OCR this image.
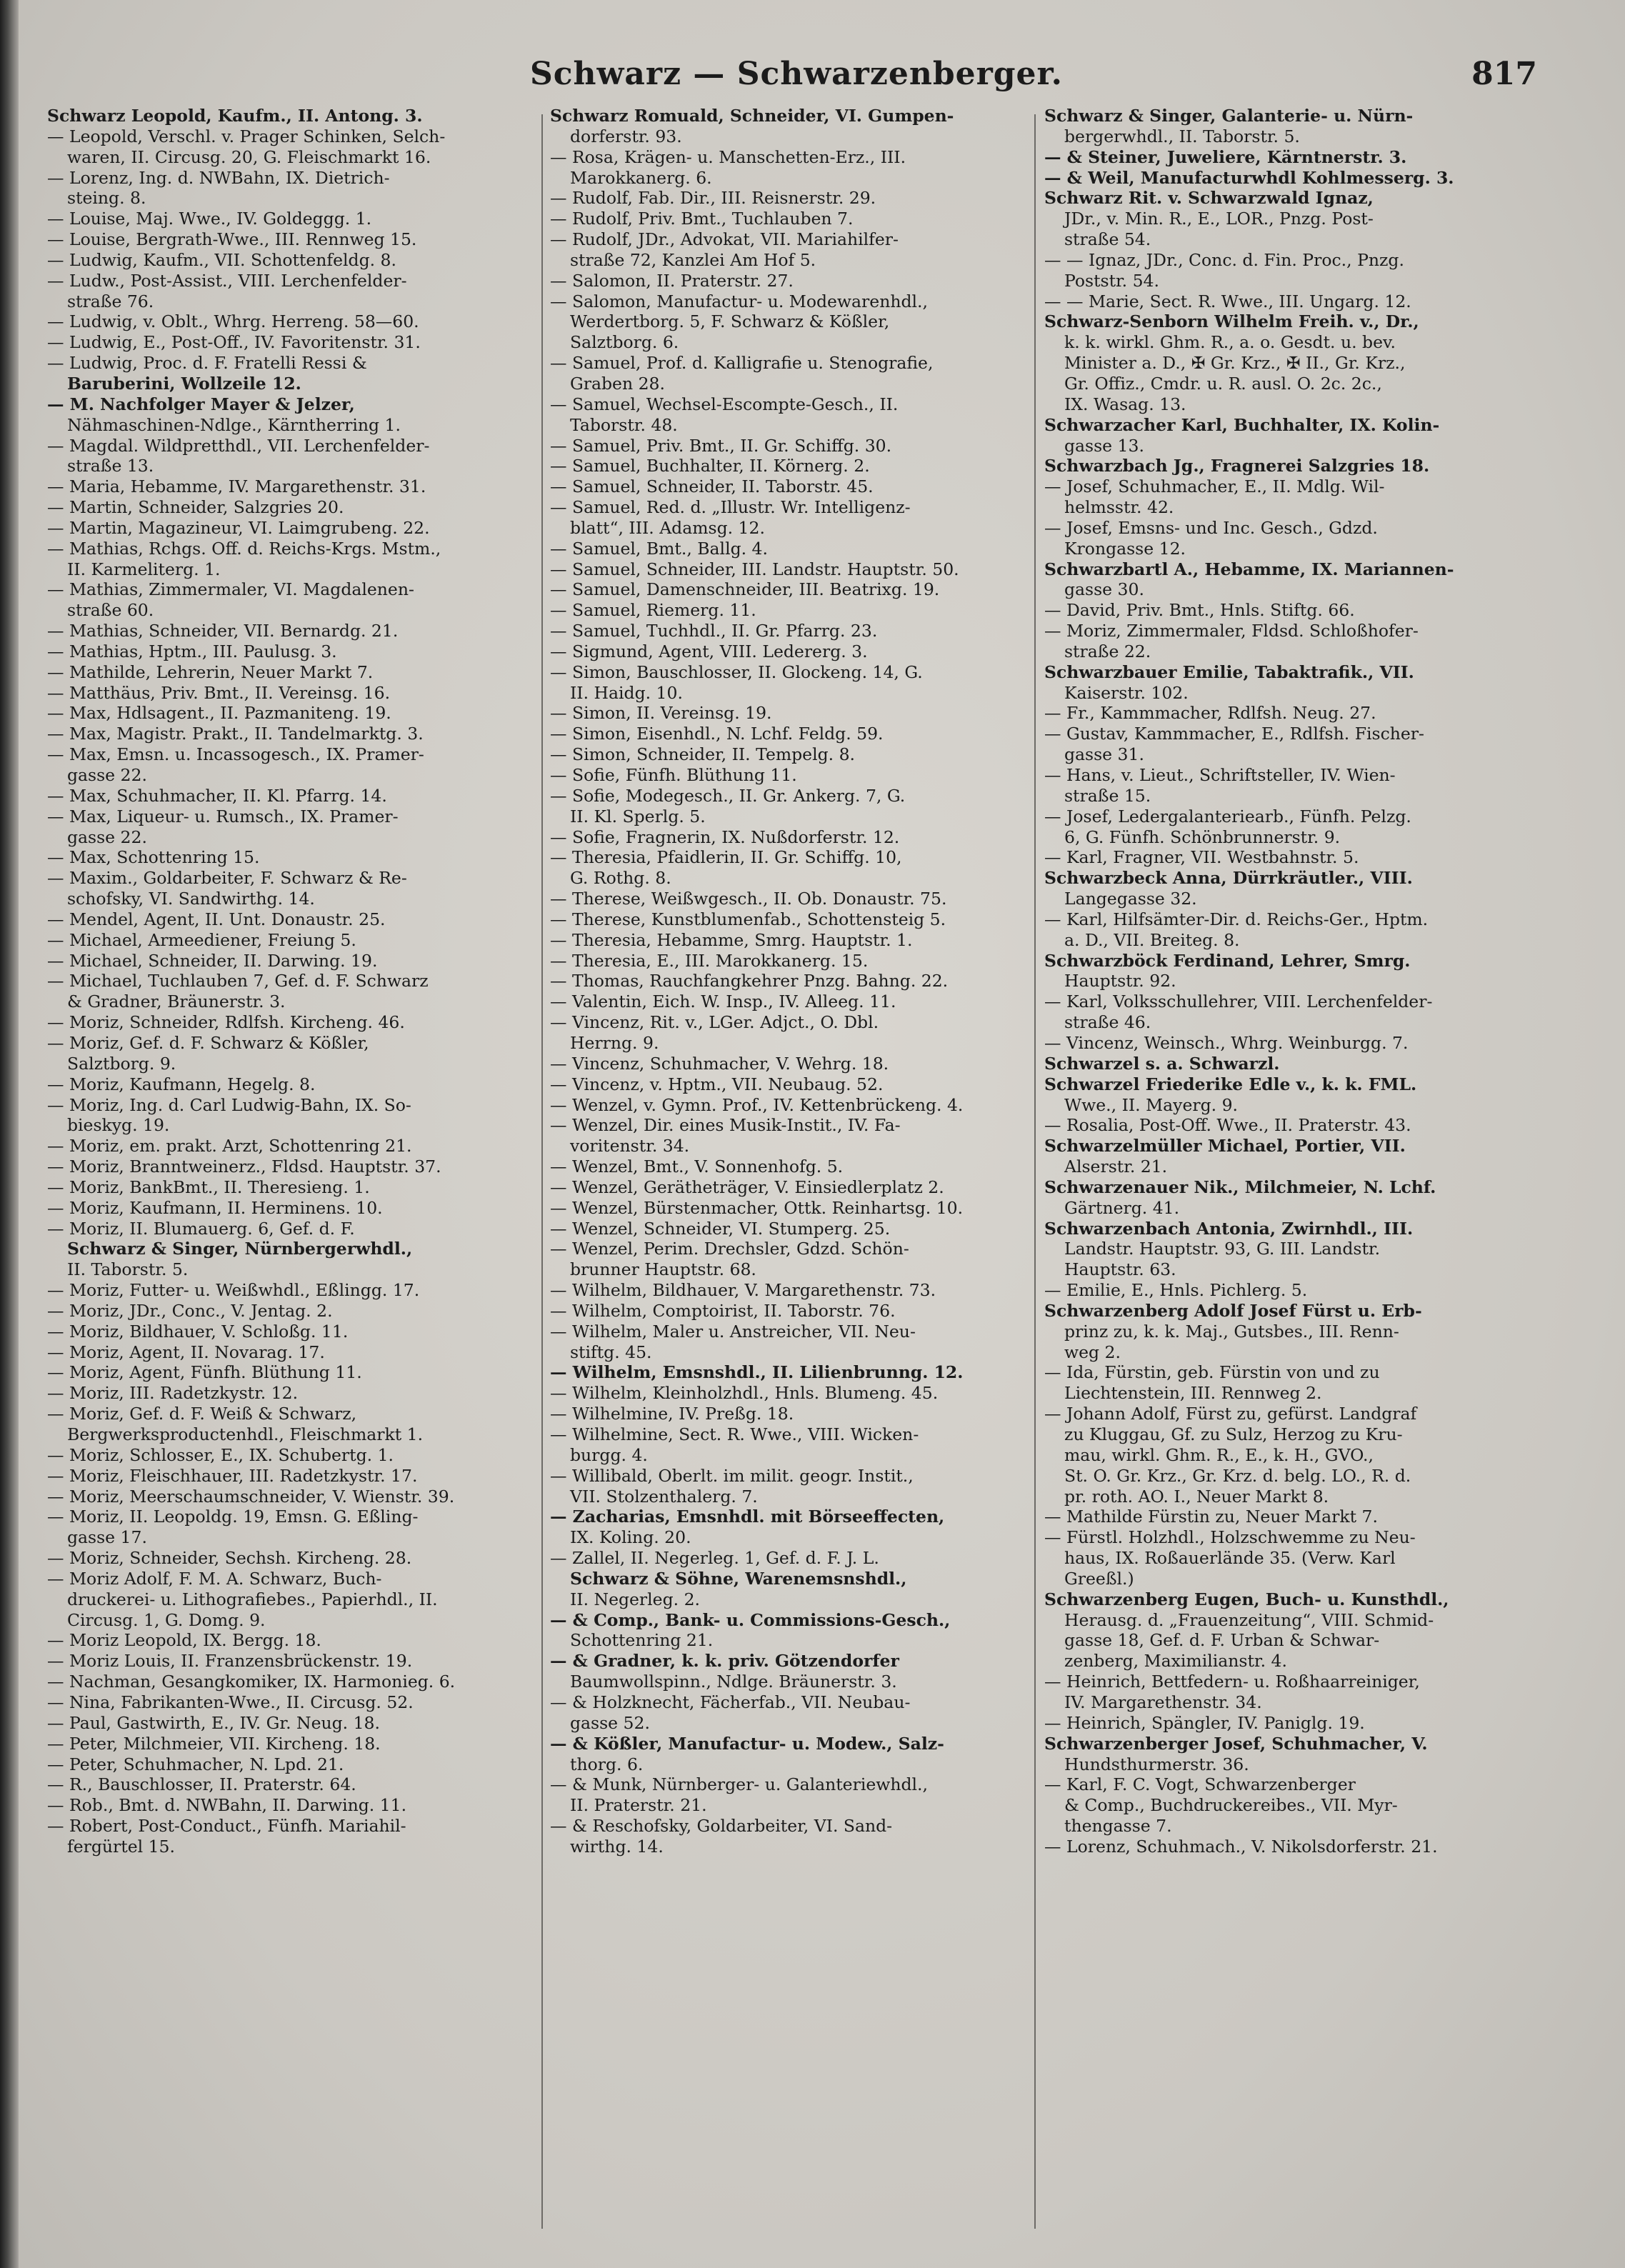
Schwarz — Schwarzenberger.	817
Schwarz Leopold, Kaufm., II. Antong. 3.
— Leopold, Verschl. v. Prager Schinken, Selch-
waren, II. Circusg. 20, G. Fleischmarkt 16.
— Lorenz, Ing. d. NWBahn, IX. Dietrich-
steing. 8.
— Louise, Maj. Wwe., IV. Goldeggg. 1.
— Louise, Bergrath-Wwe., III. Rennweg 15.
— Ludwig, Kaufm., VII. Schottenfeldg. 8.
— Ludw., Post-Assist., VIII. Lerchenfelder-
straße 76.
— Ludwig, v. Oblt., Whrg. Herreng. 58—60.
— Ludwig, E., Post-Off., IV. Favoritenstr. 31.
— Ludwig, Proc. d. F. Fratelli Ressi &
Baruberini, Wollzeile 12.
— M. Nachfolger Mayer & Jelzer,
Nähmaschinen-Ndlge., Kärntherring 1.
— Magdal. Wildpretthdl., VII. Lerchenfelder-
straße 13.
— Maria, Hebamme, IV. Margarethenstr. 31.
— Martin, Schneider, Salzgries 20.
— Martin, Magazineur, VI. Laimgrubeng. 22.
— Mathias, Rchgs. Off. d. Reichs-Krgs. Mstm.,
II. Karmeliterg. 1.
— Mathias, Zimmermaler, VI. Magdalenen-
straße 60.
— Mathias, Schneider, VII. Bernardg. 21.
— Mathias, Hptm., III. Paulusg. 3.
— Mathilde, Lehrerin, Neuer Markt 7.
— Matthäus, Priv. Bmt., II. Vereinsg. 16.
— Max, Hdlsagent., II. Pazmaniteng. 19.
— Max, Magistr. Prakt., II. Tandelmarktg. 3.
— Max, Emsn. u. Incassogesch., IX. Pramer-
gasse 22.
— Max, Schuhmacher, II. Kl. Pfarrg. 14.
— Max, Liqueur- u. Rumsch., IX. Pramer-
gasse 22.
— Max, Schottenring 15.
— Maxim., Goldarbeiter, F. Schwarz & Re-
schofsky, VI. Sandwirthg. 14.
— Mendel, Agent, II. Unt. Donaustr. 25.
— Michael, Armeediener, Freiung 5.
— Michael, Schneider, II. Darwing. 19.
— Michael, Tuchlauben 7, Gef. d. F. Schwarz
& Gradner, Bräunerstr. 3.
— Moriz, Schneider, Rdlfsh. Kircheng. 46.
— Moriz, Gef. d. F. Schwarz & Kößler,
Salztborg. 9.
— Moriz, Kaufmann, Hegelg. 8.
— Moriz, Ing. d. Carl Ludwig-Bahn, IX. So-
bieskyg. 19.
— Moriz, em. prakt. Arzt, Schottenring 21.
— Moriz, Branntweinerz., Fldsd. Hauptstr. 37.
— Moriz, BankBmt., II. Theresieng. 1.
— Moriz, Kaufmann, II. Herminens. 10.
— Moriz, II. Blumauerg. 6, Gef. d. F.
Schwarz & Singer, Nürnbergerwhdl.,
II. Taborstr. 5.
— Moriz, Futter- u. Weißwhdl., Eßlingg. 17.
— Moriz, JDr., Conc., V. Jentag. 2.
— Moriz, Bildhauer, V. Schloßg. 11.
— Moriz, Agent, II. Novarag. 17.
— Moriz, Agent, Fünfh. Blüthung 11.
— Moriz, III. Radetzkystr. 12.
— Moriz, Gef. d. F. Weiß & Schwarz,
Bergwerksproductenhdl., Fleischmarkt 1.
— Moriz, Schlosser, E., IX. Schubertg. 1.
— Moriz, Fleischhauer, III. Radetzkystr. 17.
— Moriz, Meerschaumschneider, V. Wienstr. 39.
— Moriz, II. Leopoldg. 19, Emsn. G. Eßling-
gasse 17.
— Moriz, Schneider, Sechsh. Kircheng. 28.
— Moriz Adolf, F. M. A. Schwarz, Buch-
druckerei- u. Lithografiebes., Papierhdl., II.
Circusg. 1, G. Domg. 9.
— Moriz Leopold, IX. Bergg. 18.
— Moriz Louis, II. Franzensbrückenstr. 19.
— Nachman, Gesangkomiker, IX. Harmonieg. 6.
— Nina, Fabrikanten-Wwe., II. Circusg. 52.
— Paul, Gastwirth, E., IV. Gr. Neug. 18.
— Peter, Milchmeier, VII. Kircheng. 18.
— Peter, Schuhmacher, N. Lpd. 21.
— R., Bauschlosser, II. Praterstr. 64.
— Rob., Bmt. d. NWBahn, II. Darwing. 11.
— Robert, Post-Conduct., Fünfh. Mariahil-
fergürtel 15.
Schwarz Romuald, Schneider, VI. Gumpen-
dorferstr. 93.
— Rosa, Krägen- u. Manschetten-Erz., III.
Marokkanerg. 6.
— Rudolf, Fab. Dir., III. Reisnerstr. 29.
— Rudolf, Priv. Bmt., Tuchlauben 7.
— Rudolf, JDr., Advokat, VII. Mariahilfer-
straße 72, Kanzlei Am Hof 5.
— Salomon, II. Praterstr. 27.
— Salomon, Manufactur- u. Modewarenhdl.,
Werdertborg. 5, F. Schwarz & Kößler,
Salztborg. 6.
— Samuel, Prof. d. Kalligrafie u. Stenografie,
Graben 28.
— Samuel, Wechsel-Escompte-Gesch., II.
Taborstr. 48.
— Samuel, Priv. Bmt., II. Gr. Schiffg. 30.
— Samuel, Buchhalter, II. Körnerg. 2.
— Samuel, Schneider, II. Taborstr. 45.
— Samuel, Red. d. „Illustr. Wr. Intelligenz-
blatt“, III. Adamsg. 12.
— Samuel, Bmt., Ballg. 4.
— Samuel, Schneider, III. Landstr. Hauptstr. 50.
— Samuel, Damenschneider, III. Beatrixg. 19.
— Samuel, Riemerg. 11.
— Samuel, Tuchhdl., II. Gr. Pfarrg. 23.
— Sigmund, Agent, VIII. Ledererg. 3.
— Simon, Bauschlosser, II. Glockeng. 14, G.
II. Haidg. 10.
— Simon, II. Vereinsg. 19.
— Simon, Eisenhdl., N. Lchf. Feldg. 59.
— Simon, Schneider, II. Tempelg. 8.
— Sofie, Fünfh. Blüthung 11.
— Sofie, Modegesch., II. Gr. Ankerg. 7, G.
II. Kl. Sperlg. 5.
— Sofie, Fragnerin, IX. Nußdorferstr. 12.
— Theresia, Pfaidlerin, II. Gr. Schiffg. 10,
G. Rothg. 8.
— Therese, Weißwgesch., II. Ob. Donaustr. 75.
— Therese, Kunstblumenfab., Schottensteig 5.
— Theresia, Hebamme, Smrg. Hauptstr. 1.
— Theresia, E., III. Marokkanerg. 15.
— Thomas, Rauchfangkehrer Pnzg. Bahng. 22.
— Valentin, Eich. W. Insp., IV. Alleeg. 11.
— Vincenz, Rit. v., LGer. Adjct., O. Dbl.
Herrng. 9.
— Vincenz, Schuhmacher, V. Wehrg. 18.
— Vincenz, v. Hptm., VII. Neubaug. 52.
— Wenzel, v. Gymn. Prof., IV. Kettenbrückeng. 4.
— Wenzel, Dir. eines Musik-Instit., IV. Fa-
voritenstr. 34.
— Wenzel, Bmt., V. Sonnenhofg. 5.
— Wenzel, Gerätheträger, V. Einsiedlerplatz 2.
— Wenzel, Bürstenmacher, Ottk. Reinhartsg. 10.
— Wenzel, Schneider, VI. Stumperg. 25.
— Wenzel, Perim. Drechsler, Gdzd. Schön-
brunner Hauptstr. 68.
— Wilhelm, Bildhauer, V. Margarethenstr. 73.
— Wilhelm, Comptoirist, II. Taborstr. 76.
— Wilhelm, Maler u. Anstreicher, VII. Neu-
stiftg. 45.
— Wilhelm, Emsnshdl., II. Lilienbrunng. 12.
— Wilhelm, Kleinholzhdl., Hnls. Blumeng. 45.
— Wilhelmine, IV. Preßg. 18.
— Wilhelmine, Sect. R. Wwe., VIII. Wicken-
burgg. 4.
— Willibald, Oberlt. im milit. geogr. Instit.,
VII. Stolzenthalerg. 7.
— Zacharias, Emsnhdl. mit Börseeffecten,
IX. Koling. 20.
— Zallel, II. Negerleg. 1, Gef. d. F. J. L.
Schwarz & Söhne, Warenemsnshdl.,
II. Negerleg. 2.
— & Comp., Bank- u. Commissions-Gesch.,
Schottenring 21.
— & Gradner, k. k. priv. Götzendorfer
Baumwollspinn., Ndlge. Bräunerstr. 3.
— & Holzknecht, Fächerfab., VII. Neubau-
gasse 52.
— & Kößler, Manufactur- u. Modew., Salz-
thorg. 6.
— & Munk, Nürnberger- u. Galanteriewhdl.,
II. Praterstr. 21.
— & Reschofsky, Goldarbeiter, VI. Sand-
wirthg. 14.
Schwarz & Singer, Galanterie- u. Nürn-
bergerwhdl., II. Taborstr. 5.
— & Steiner, Juweliere, Kärntnerstr. 3.
— & Weil, Manufacturwhdl Kohlmesserg. 3.
Schwarz Rit. v. Schwarzwald Ignaz,
JDr., v. Min. R., E., LOR., Pnzg. Post-
straße 54.
— — Ignaz, JDr., Conc. d. Fin. Proc., Pnzg.
Poststr. 54.
— — Marie, Sect. R. Wwe., III. Ungarg. 12.
Schwarz-Senborn Wilhelm Freih. v., Dr.,
k. k. wirkl. Ghm. R., a. o. Gesdt. u. bev.
Minister a. D., ✠ Gr. Krz., ✠ II., Gr. Krz.,
Gr. Offiz., Cmdr. u. R. ausl. O. 2c. 2c.,
IX. Wasag. 13.
Schwarzacher Karl, Buchhalter, IX. Kolin-
gasse 13.
Schwarzbach Jg., Fragnerei Salzgries 18.
— Josef, Schuhmacher, E., II. Mdlg. Wil-
helmsstr. 42.
— Josef, Emsns- und Inc. Gesch., Gdzd.
Krongasse 12.
Schwarzbartl A., Hebamme, IX. Mariannen-
gasse 30.
— David, Priv. Bmt., Hnls. Stiftg. 66.
— Moriz, Zimmermaler, Fldsd. Schloßhofer-
straße 22.
Schwarzbauer Emilie, Tabaktrafik., VII.
Kaiserstr. 102.
— Fr., Kammmacher, Rdlfsh. Neug. 27.
— Gustav, Kammmacher, E., Rdlfsh. Fischer-
gasse 31.
— Hans, v. Lieut., Schriftsteller, IV. Wien-
straße 15.
— Josef, Ledergalanteriearb., Fünfh. Pelzg.
6, G. Fünfh. Schönbrunnerstr. 9.
— Karl, Fragner, VII. Westbahnstr. 5.
Schwarzbeck Anna, Dürrkräutler., VIII.
Langegasse 32.
— Karl, Hilfsämter-Dir. d. Reichs-Ger., Hptm.
a. D., VII. Breiteg. 8.
Schwarzböck Ferdinand, Lehrer, Smrg.
Hauptstr. 92.
— Karl, Volksschullehrer, VIII. Lerchenfelder-
straße 46.
— Vincenz, Weinsch., Whrg. Weinburgg. 7.
Schwarzel s. a. Schwarzl.
Schwarzel Friederike Edle v., k. k. FML.
Wwe., II. Mayerg. 9.
— Rosalia, Post-Off. Wwe., II. Praterstr. 43.
Schwarzelmüller Michael, Portier, VII.
Alserstr. 21.
Schwarzenauer Nik., Milchmeier, N. Lchf.
Gärtnerg. 41.
Schwarzenbach Antonia, Zwirnhdl., III.
Landstr. Hauptstr. 93, G. III. Landstr.
Hauptstr. 63.
— Emilie, E., Hnls. Pichlerg. 5.
Schwarzenberg Adolf Josef Fürst u. Erb-
prinz zu, k. k. Maj., Gutsbes., III. Renn-
weg 2.
— Ida, Fürstin, geb. Fürstin von und zu
Liechtenstein, III. Rennweg 2.
— Johann Adolf, Fürst zu, gefürst. Landgraf
zu Kluggau, Gf. zu Sulz, Herzog zu Kru-
mau, wirkl. Ghm. R., E., k. H., GVO.,
St. O. Gr. Krz., Gr. Krz. d. belg. LO., R. d.
pr. roth. AO. I., Neuer Markt 8.
— Mathilde Fürstin zu, Neuer Markt 7.
— Fürstl. Holzhdl., Holzschwemme zu Neu-
haus, IX. Roßauerlände 35. (Verw. Karl
Greeßl.)
Schwarzenberg Eugen, Buch- u. Kunsthdl.,
Herausg. d. „Frauenzeitung“, VIII. Schmid-
gasse 18, Gef. d. F. Urban & Schwar-
zenberg, Maximilianstr. 4.
— Heinrich, Bettfedern- u. Roßhaarreiniger,
IV. Margarethenstr. 34.
— Heinrich, Spängler, IV. Paniglg. 19.
Schwarzenberger Josef, Schuhmacher, V.
Hundsthurmerstr. 36.
— Karl, F. C. Vogt, Schwarzenberger
& Comp., Buchdruckereibes., VII. Myr-
thengasse 7.
— Lorenz, Schuhmach., V. Nikolsdorferstr. 21.
